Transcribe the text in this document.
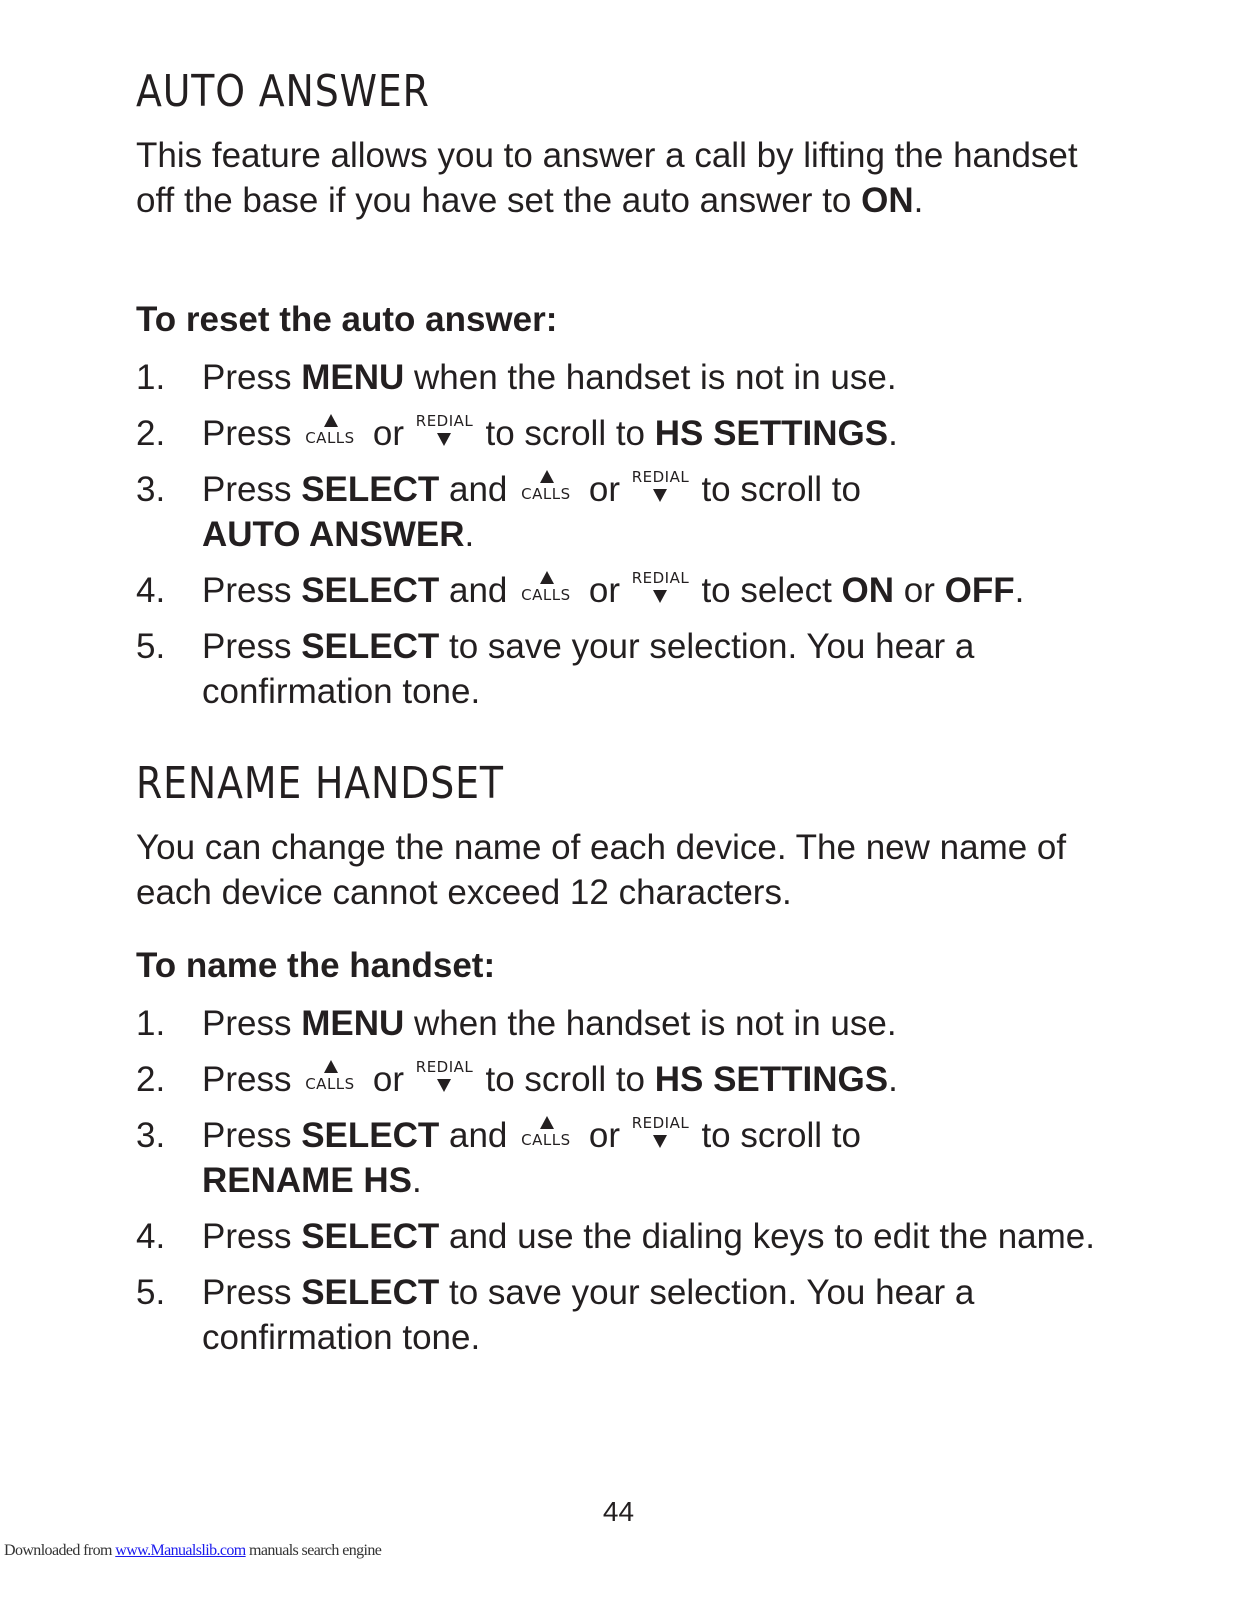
AUTO ANSWER

This feature allows you to answer a call by lifting the handset off the base if you have set the auto answer to ON.

To reset the auto answer:
1. Press MENU when the handset is not in use.
2. Press CALLS or REDIAL to scroll to HS SETTINGS.
3. Press SELECT and CALLS or REDIAL to scroll to
AUTO ANSWER.
4. Press SELECT and CALLS or REDIAL to select ON or OFF.
5. Press SELECT to save your selection. You hear a confirmation tone.
RENAME HANDSET

You can change the name of each device. The new name of each device cannot exceed 12 characters.

To name the handset:
1. Press MENU when the handset is not in use.
2. Press CALLS or REDIAL to scroll to HS SETTINGS.
3. Press SELECT and CALLS or REDIAL to scroll to
RENAME HS.
4. Press SELECT and use the dialing keys to edit the name.
5. Press SELECT to save your selection. You hear a confirmation tone.
44
Downloaded from www.Manualslib.com manuals search engine
